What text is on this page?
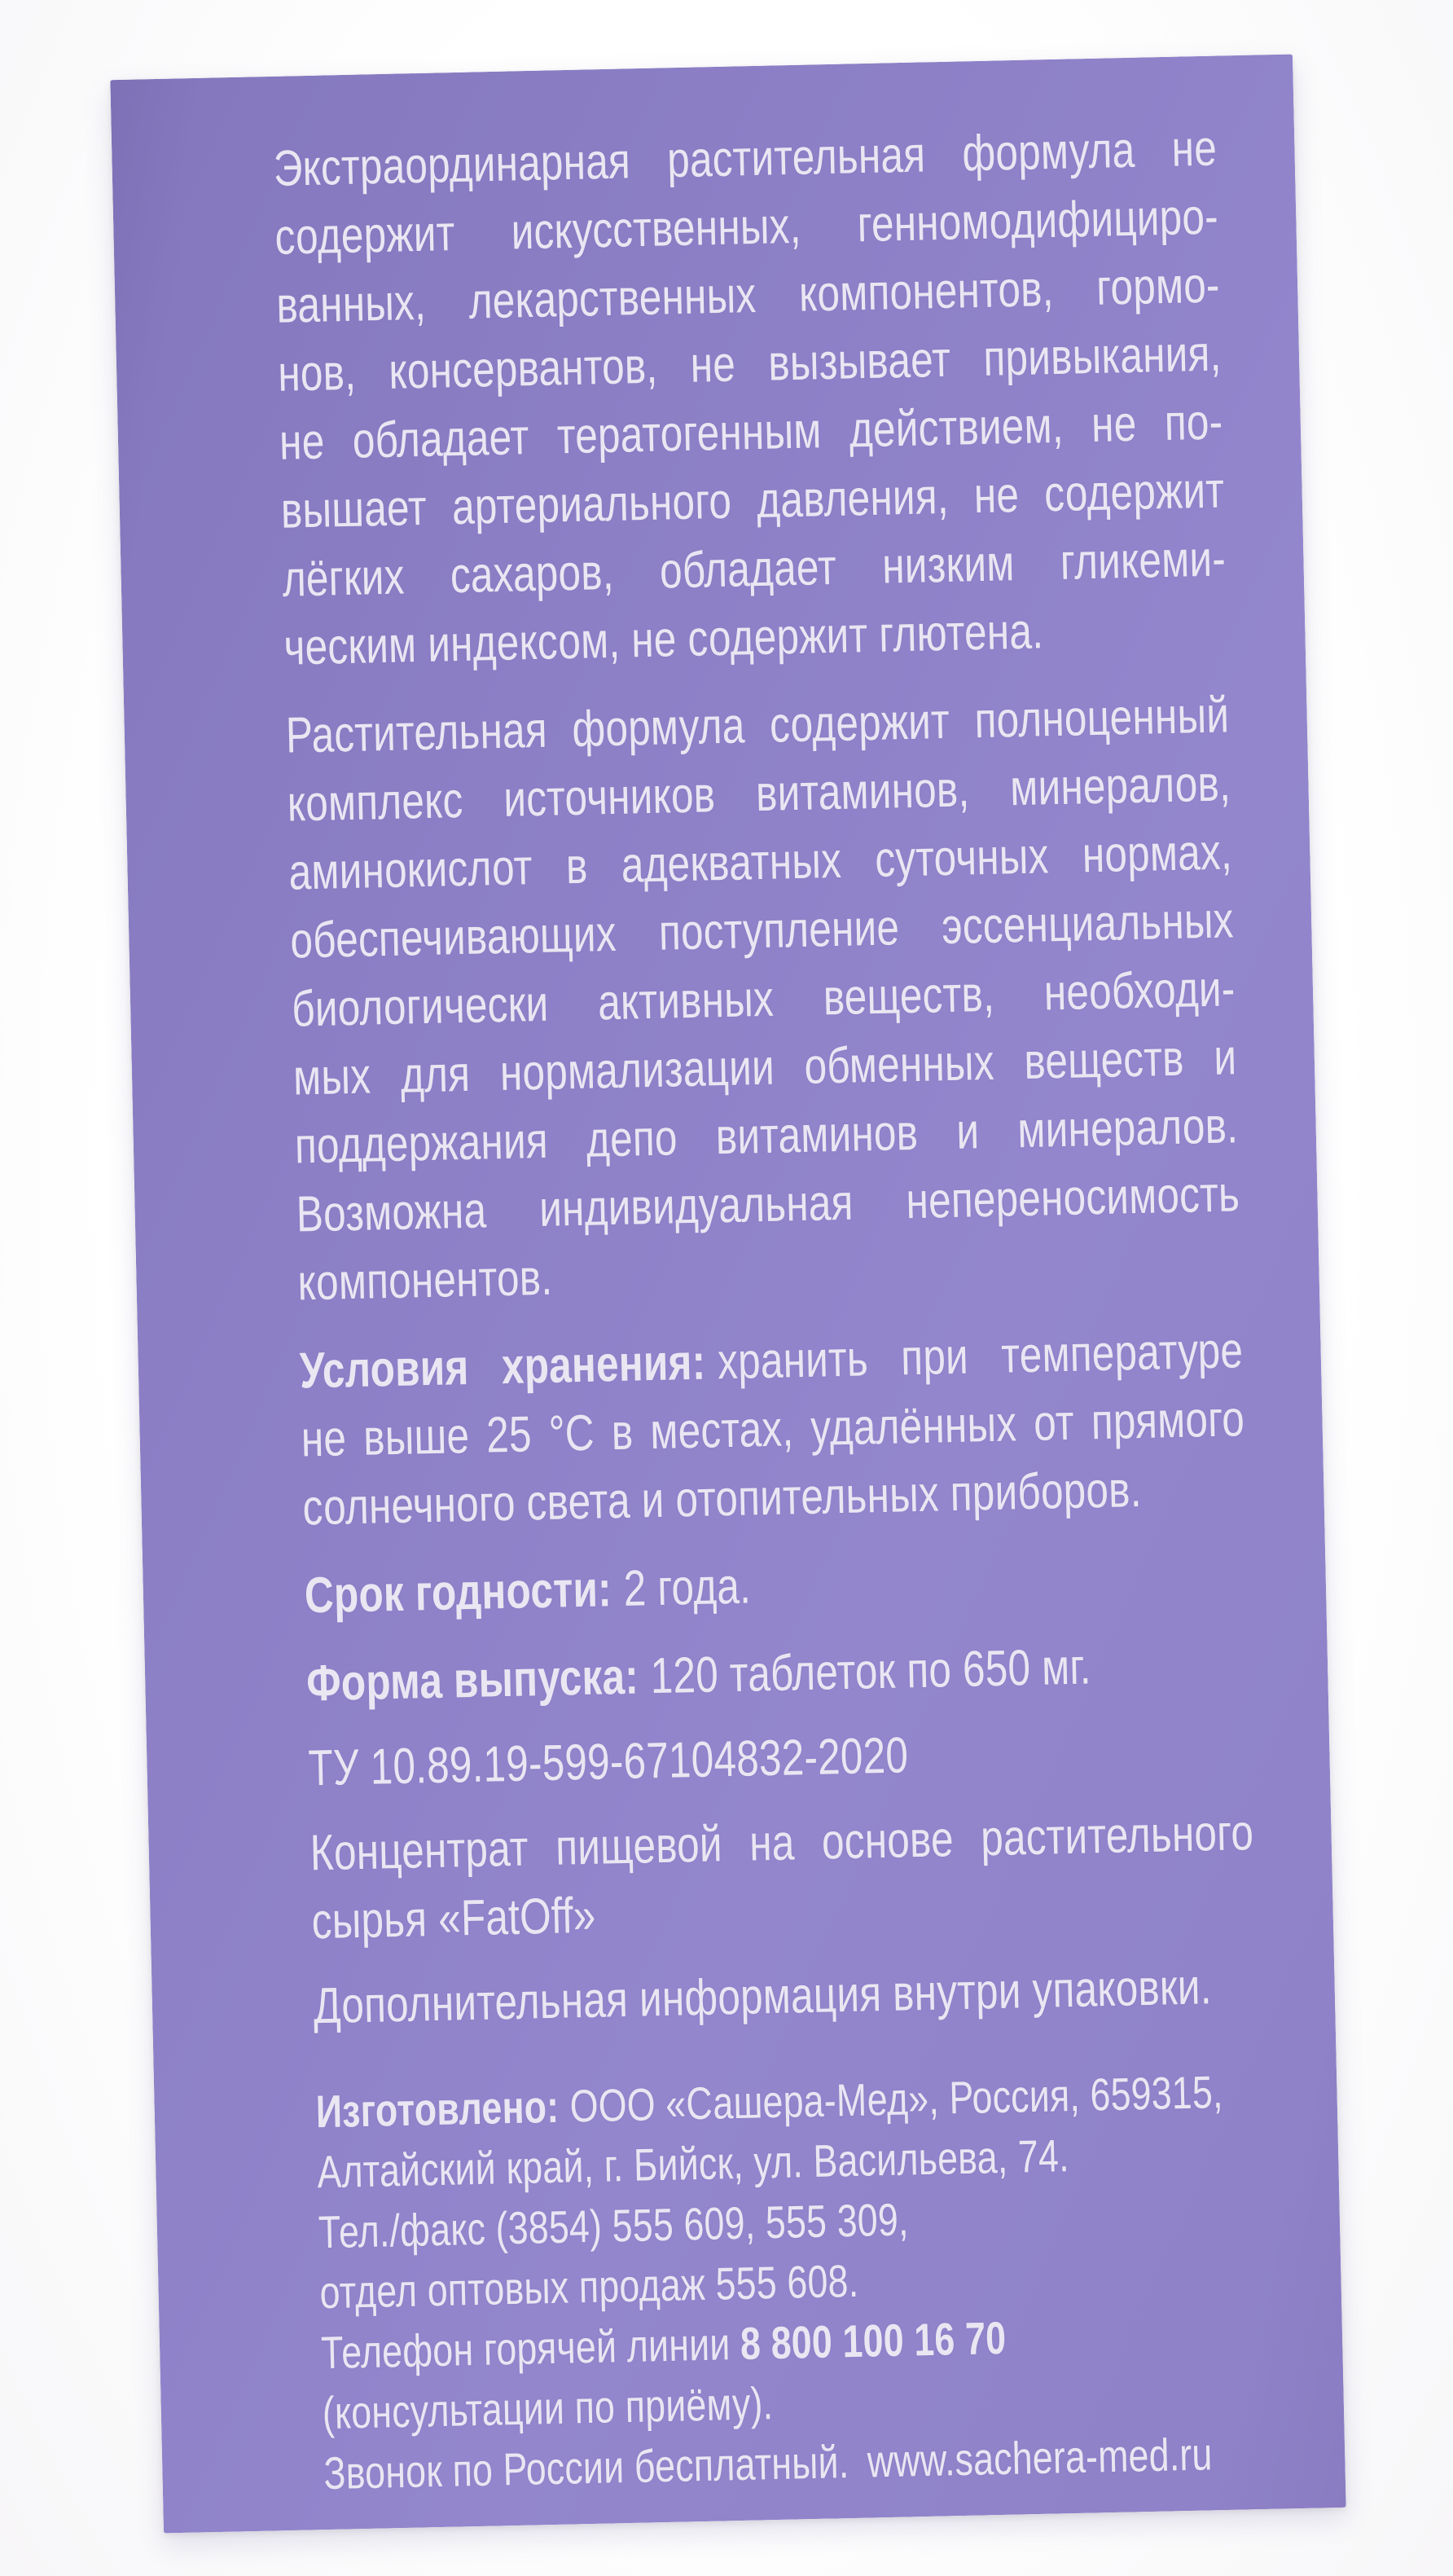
Экстраординарная растительная формула не
содержит искусственных, генномодифициро-
ванных, лекарственных компонентов, гормо-
нов, консервантов, не вызывает привыкания,
не обладает тератогенным действием, не по-
вышает артериального давления, не содержит
лёгких сахаров, обладает низким гликеми-
ческим индексом, не содержит глютена.
Растительная формула содержит полноценный
комплекс источников витаминов, минералов,
аминокислот в адекватных суточных нормах,
обеспечивающих поступление эссенциальных
биологически активных веществ, необходи-
мых для нормализации обменных веществ и
поддержания депо витаминов и минералов.
Возможна индивидуальная непереносимость
компонентов.
Условия хранения: хранить при температуре
не выше 25 °С в местах, удалённых от прямого
солнечного света и отопительных приборов.
Срок годности: 2 года.
Форма выпуска: 120 таблеток по 650 мг.
ТУ 10.89.19-599-67104832-2020
Концентрат пищевой на основе растительного
сырья «FatOff»
Дополнительная информация внутри упаковки.
Изготовлено: ООО «Сашера-Мед», Россия, 659315,
Алтайский край, г. Бийск, ул. Васильева, 74.
Тел./факс (3854) 555 609, 555 309,
отдел оптовых продаж 555 608.
Телефон горячей линии 8 800 100 16 70
(консультации по приёму).
Звонок по России бесплатный. www.sachera-med.ru
